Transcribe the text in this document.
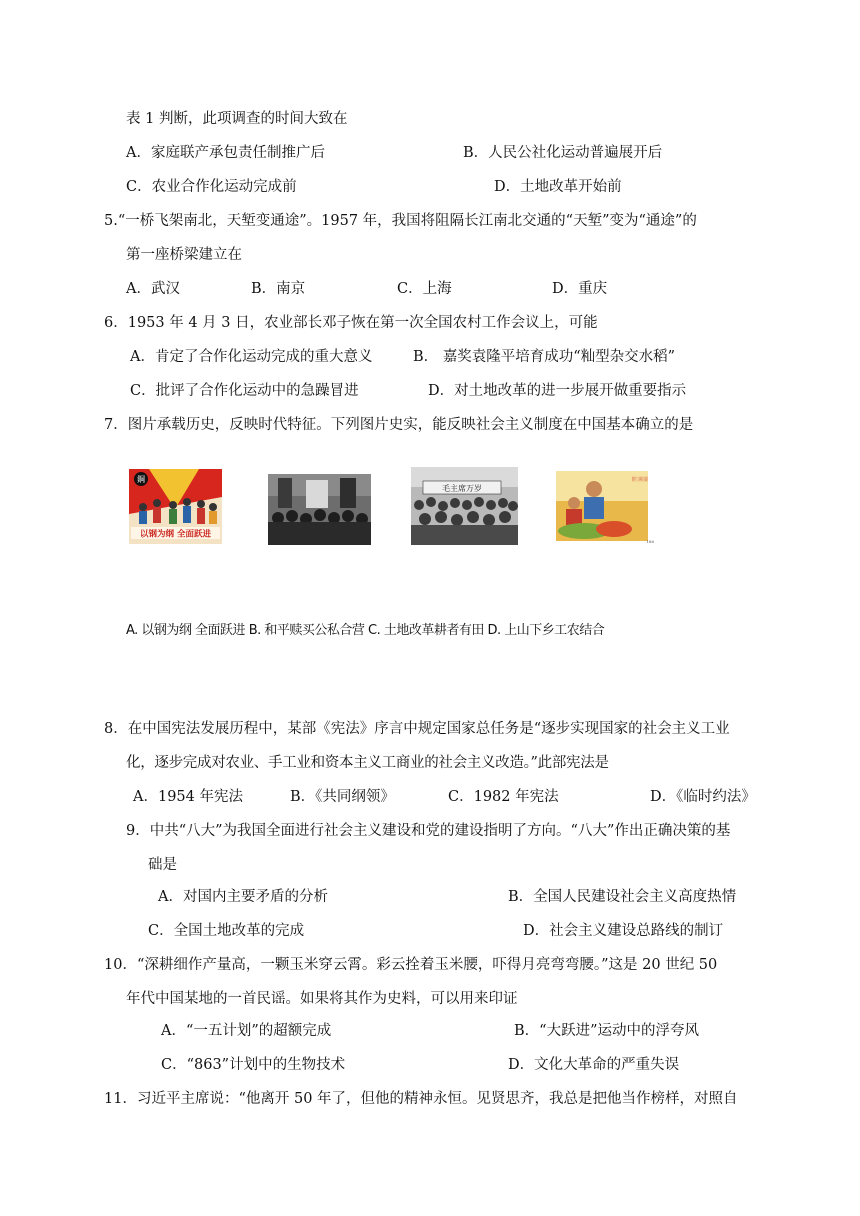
表 1 判断，此项调查的时间大致在
A．家庭联产承包责任制推广后	B．人民公社化运动普遍展开后
C．农业合作化运动完成前	D．土地改革开始前
5.“一桥飞架南北，天堑变通途”。1957 年，我国将阻隔长江南北交通的“天堑”变为“通途”的
第一座桥梁建立在
A．武汉	B．南京	C．上海	D．重庆
6．1953 年 4 月 3 日，农业部长邓子恢在第一次全国农村工作会议上，可能
A．肯定了合作化运动完成的重大意义	B． 嘉奖袁隆平培育成功“籼型杂交水稻”
C．批评了合作化运动中的急躁冒进	D．对土地改革的进一步展开做重要指示
7．图片承载历史，反映时代特征。下列图片史实，能反映社会主义制度在中国基本确立的是
鋼
以钢为纲 全面跃进
毛主席万岁
钢铁时代 生产工人 将各种农业产品 援助农村
186
A. 以钢为纲 全面跃进 B. 和平赎买公私合营 C. 土地改革耕者有田 D. 上山下乡工农结合
8．在中国宪法发展历程中，某部《宪法》序言中规定国家总任务是“逐步实现国家的社会主义工业
化，逐步完成对农业、手工业和资本主义工商业的社会主义改造。”此部宪法是
A．1954 年宪法	B．《共同纲领》	C．1982 年宪法	D．《临时约法》
9．中共“八大”为我国全面进行社会主义建设和党的建设指明了方向。“八大”作出正确决策的基
础是
A．对国内主要矛盾的分析	B．全国人民建设社会主义高度热情
C．全国土地改革的完成	D．社会主义建设总路线的制订
10．“深耕细作产量高，一颗玉米穿云霄。彩云拴着玉米腰，吓得月亮弯弯腰。”这是 20 世纪 50
年代中国某地的一首民谣。如果将其作为史料，可以用来印证
A．“一五计划”的超额完成	B．“大跃进”运动中的浮夸风
C．“863”计划中的生物技术	D．文化大革命的严重失误
11．习近平主席说：“他离开 50 年了，但他的精神永恒。见贤思齐，我总是把他当作榜样，对照自
